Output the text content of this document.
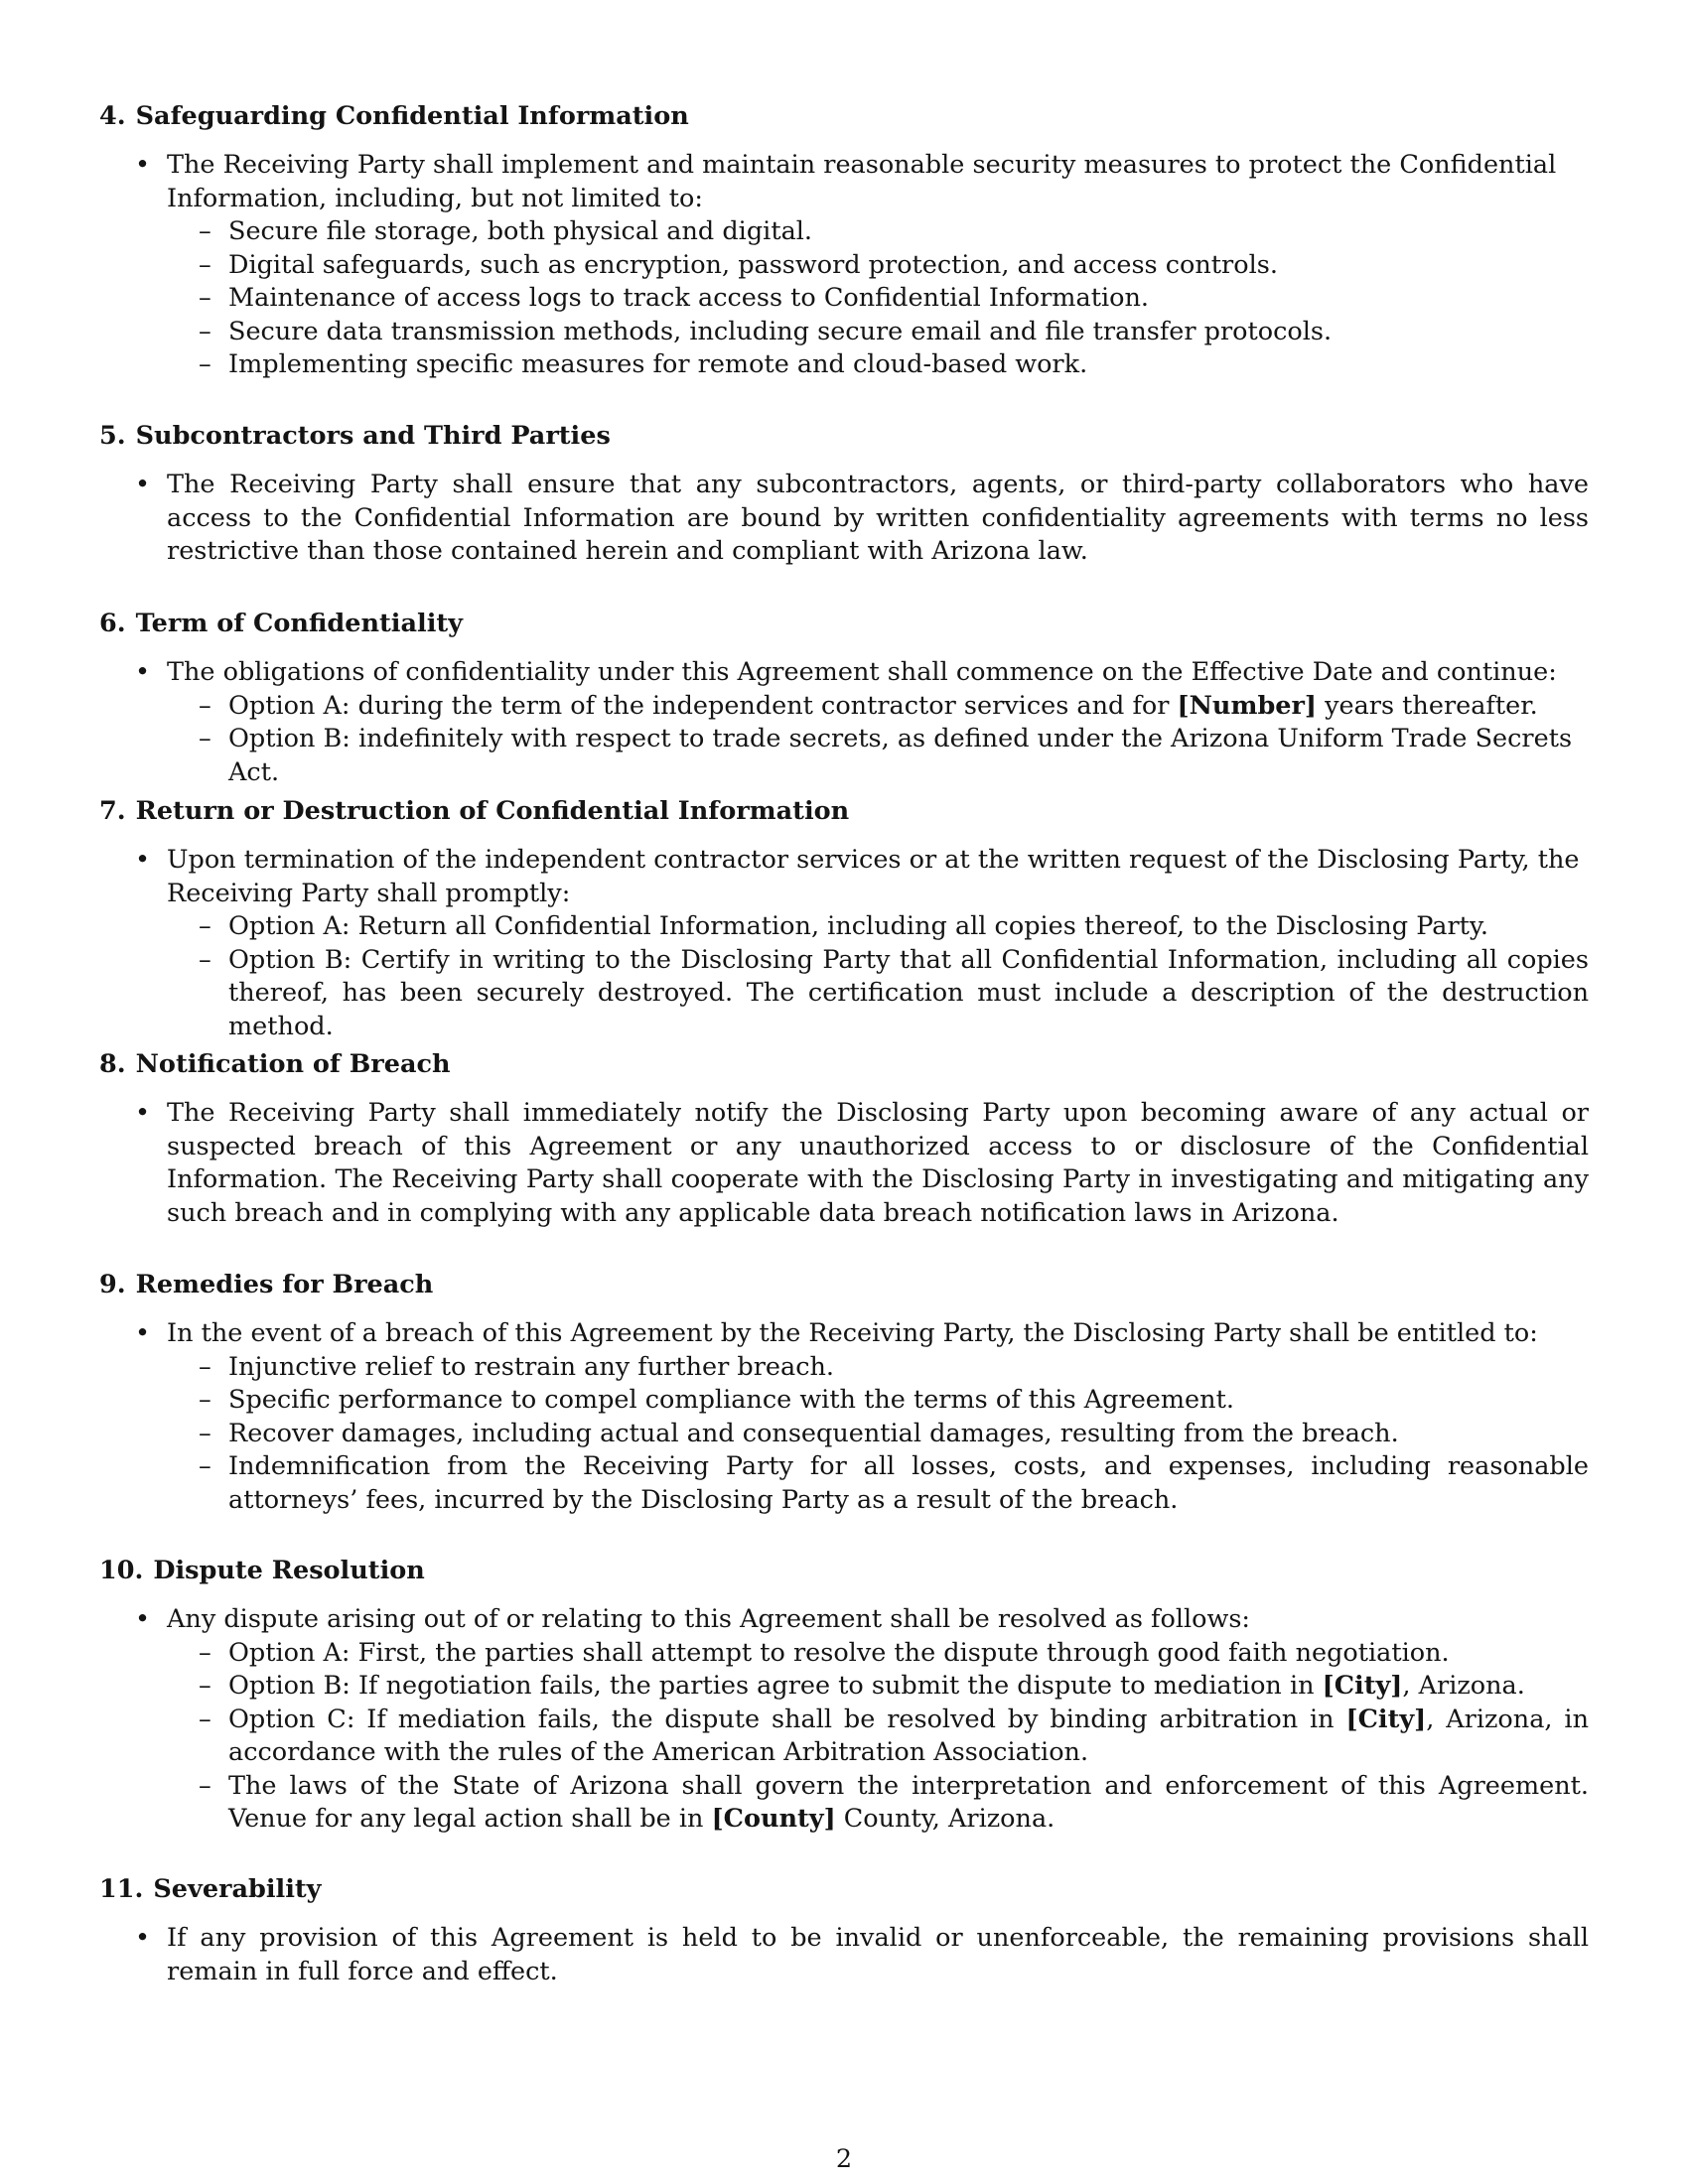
4. Safeguarding Confidential Information
• The Receiving Party shall implement and maintain reasonable security measures to protect the Confidential Information, including, but not limited to:
– Secure file storage, both physical and digital.
– Digital safeguards, such as encryption, password protection, and access controls.
– Maintenance of access logs to track access to Confidential Information.
– Secure data transmission methods, including secure email and file transfer protocols.
– Implementing specific measures for remote and cloud-based work.
5. Subcontractors and Third Parties
• The Receiving Party shall ensure that any subcontractors, agents, or third-party collaborators who have access to the Confidential Information are bound by written confidentiality agreements with terms no less restrictive than those contained herein and compliant with Arizona law.
6. Term of Confidentiality
• The obligations of confidentiality under this Agreement shall commence on the Effective Date and continue:
– Option A: during the term of the independent contractor services and for [Number] years thereafter.
– Option B: indefinitely with respect to trade secrets, as defined under the Arizona Uniform Trade Secrets Act.
7. Return or Destruction of Confidential Information
• Upon termination of the independent contractor services or at the written request of the Disclosing Party, the Receiving Party shall promptly:
– Option A: Return all Confidential Information, including all copies thereof, to the Disclosing Party.
– Option B: Certify in writing to the Disclosing Party that all Confidential Information, including all copies thereof, has been securely destroyed. The certification must include a description of the destruction method.
8. Notification of Breach
• The Receiving Party shall immediately notify the Disclosing Party upon becoming aware of any actual or suspected breach of this Agreement or any unauthorized access to or disclosure of the Confidential Information. The Receiving Party shall cooperate with the Disclosing Party in investigating and mitigating any such breach and in complying with any applicable data breach notification laws in Arizona.
9. Remedies for Breach
• In the event of a breach of this Agreement by the Receiving Party, the Disclosing Party shall be entitled to:
– Injunctive relief to restrain any further breach.
– Specific performance to compel compliance with the terms of this Agreement.
– Recover damages, including actual and consequential damages, resulting from the breach.
– Indemnification from the Receiving Party for all losses, costs, and expenses, including reasonable attorneys’ fees, incurred by the Disclosing Party as a result of the breach.
10. Dispute Resolution
• Any dispute arising out of or relating to this Agreement shall be resolved as follows:
– Option A: First, the parties shall attempt to resolve the dispute through good faith negotiation.
– Option B: If negotiation fails, the parties agree to submit the dispute to mediation in [City], Arizona.
– Option C: If mediation fails, the dispute shall be resolved by binding arbitration in [City], Arizona, in accordance with the rules of the American Arbitration Association.
– The laws of the State of Arizona shall govern the interpretation and enforcement of this Agreement. Venue for any legal action shall be in [County] County, Arizona.
11. Severability
• If any provision of this Agreement is held to be invalid or unenforceable, the remaining provisions shall remain in full force and effect.
2
